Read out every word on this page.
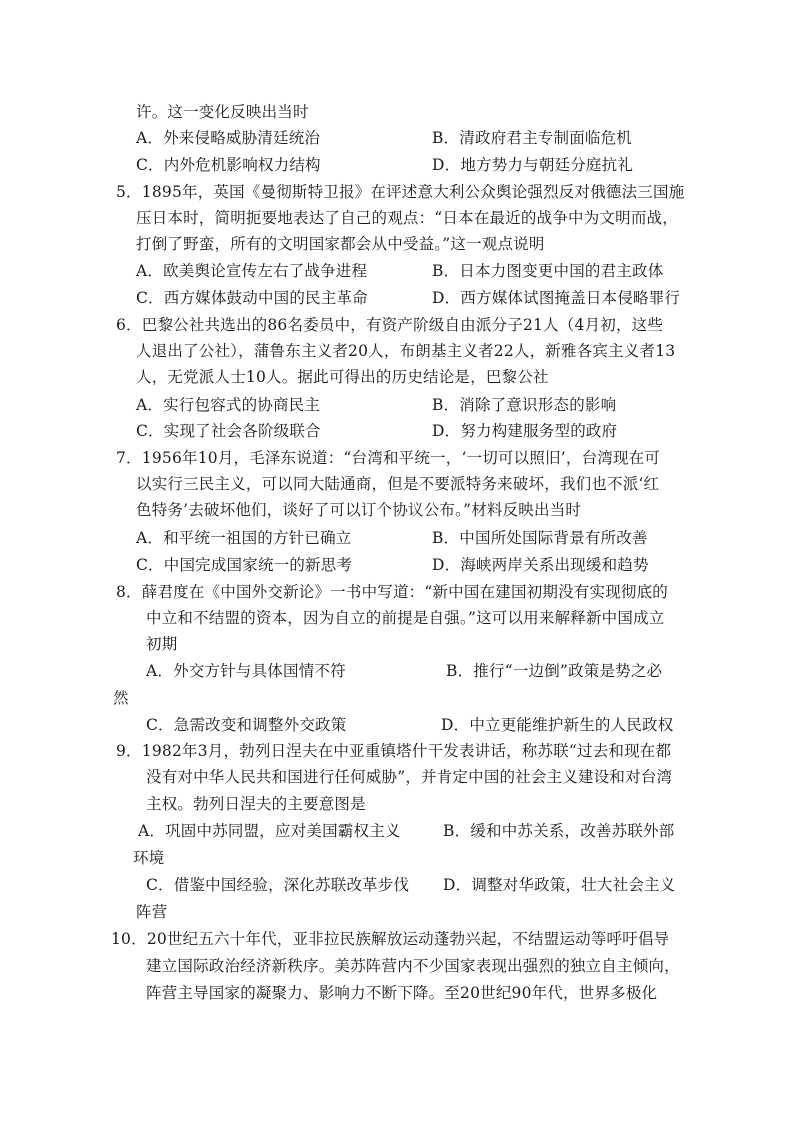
许。这一变化反映出当时
A．外来侵略威胁清廷统治	B．清政府君主专制面临危机
C．内外危机影响权力结构	D．地方势力与朝廷分庭抗礼
5．1895年，英国《曼彻斯特卫报》在评述意大利公众舆论强烈反对俄德法三国施
压日本时，简明扼要地表达了自己的观点：“日本在最近的战争中为文明而战，
打倒了野蛮，所有的文明国家都会从中受益。”这一观点说明
A．欧美舆论宣传左右了战争进程	B．日本力图变更中国的君主政体
C．西方媒体鼓动中国的民主革命	D．西方媒体试图掩盖日本侵略罪行
6．巴黎公社共选出的86名委员中，有资产阶级自由派分子21人（4月初，这些
人退出了公社），蒲鲁东主义者20人，布朗基主义者22人，新雅各宾主义者13
人，无党派人士10人。据此可得出的历史结论是，巴黎公社
A．实行包容式的协商民主	B．消除了意识形态的影响
C．实现了社会各阶级联合	D．努力构建服务型的政府
7．1956年10月，毛泽东说道：“台湾和平统一，‘一切可以照旧’，台湾现在可
以实行三民主义，可以同大陆通商，但是不要派特务来破坏，我们也不派‘红
色特务’去破坏他们，谈好了可以订个协议公布。”材料反映出当时
A．和平统一祖国的方针已确立	B．中国所处国际背景有所改善
C．中国完成国家统一的新思考	D．海峡两岸关系出现缓和趋势
8．薛君度在《中国外交新论》一书中写道：“新中国在建国初期没有实现彻底的
中立和不结盟的资本，因为自立的前提是自强。”这可以用来解释新中国成立
初期
A．外交方针与具体国情不符	B．推行“一边倒”政策是势之必
然
C．急需改变和调整外交政策	D．中立更能维护新生的人民政权
9．1982年3月，勃列日涅夫在中亚重镇塔什干发表讲话，称苏联“过去和现在都
没有对中华人民共和国进行任何威胁”，并肯定中国的社会主义建设和对台湾
主权。勃列日涅夫的主要意图是
A．巩固中苏同盟，应对美国霸权主义	B．缓和中苏关系，改善苏联外部
环境
C．借鉴中国经验，深化苏联改革步伐 D．调整对华政策，壮大社会主义
阵营
10．20世纪五六十年代，亚非拉民族解放运动蓬勃兴起，不结盟运动等呼吁倡导
建立国际政治经济新秩序。美苏阵营内不少国家表现出强烈的独立自主倾向，
阵营主导国家的凝聚力、影响力不断下降。至20世纪90年代，世界多极化
